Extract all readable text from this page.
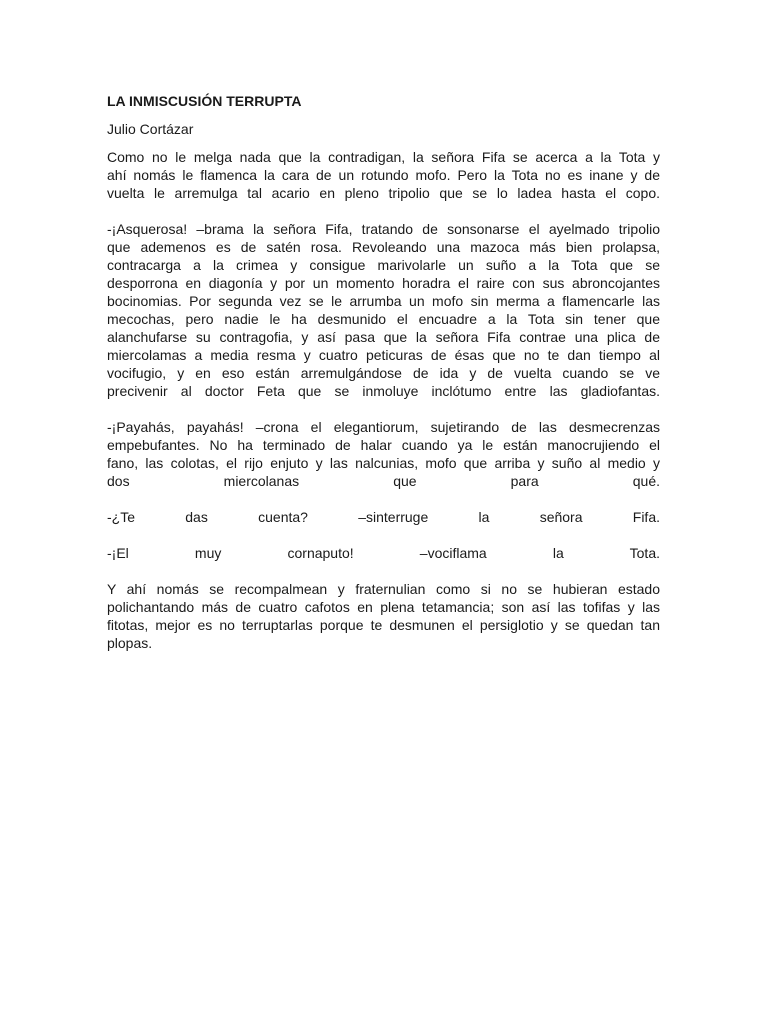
LA INMISCUSIÓN TERRUPTA
Julio Cortázar
Como no le melga nada que la contradigan, la señora Fifa se acerca a la Tota y
ahí nomás le flamenca la cara de un rotundo mofo. Pero la Tota no es inane y de
vuelta le arremulga tal acario en pleno tripolio que se lo ladea hasta el copo.
-¡Asquerosa! –brama la señora Fifa, tratando de sonsonarse el ayelmado tripolio
que ademenos es de satén rosa. Revoleando una mazoca más bien prolapsa,
contracarga a la crimea y consigue marivolarle un suño a la Tota que se
desporrona en diagonía y por un momento horadra el raire con sus abroncojantes
bocinomias. Por segunda vez se le arrumba un mofo sin merma a flamencarle las
mecochas, pero nadie le ha desmunido el encuadre a la Tota sin tener que
alanchufarse su contragofia, y así pasa que la señora Fifa contrae una plica de
miercolamas a media resma y cuatro peticuras de ésas que no te dan tiempo al
vocifugio, y en eso están arremulgándose de ida y de vuelta cuando se ve
precivenir al doctor Feta que se inmoluye inclótumo entre las gladiofantas.
-¡Payahás, payahás! –crona el elegantiorum, sujetirando de las desmecrenzas
empebufantes. No ha terminado de halar cuando ya le están manocrujiendo el
fano, las colotas, el rijo enjuto y las nalcunias, mofo que arriba y suño al medio y
dos miercolanas que para qué.
-¿Te das cuenta? –sinterruge la señora Fifa.
-¡El muy cornaputo! –vociflama la Tota.
Y ahí nomás se recompalmean y fraternulian como si no se hubieran estado
polichantando más de cuatro cafotos en plena tetamancia; son así las tofifas y las
fitotas, mejor es no terruptarlas porque te desmunen el persiglotio y se quedan tan
plopas.
